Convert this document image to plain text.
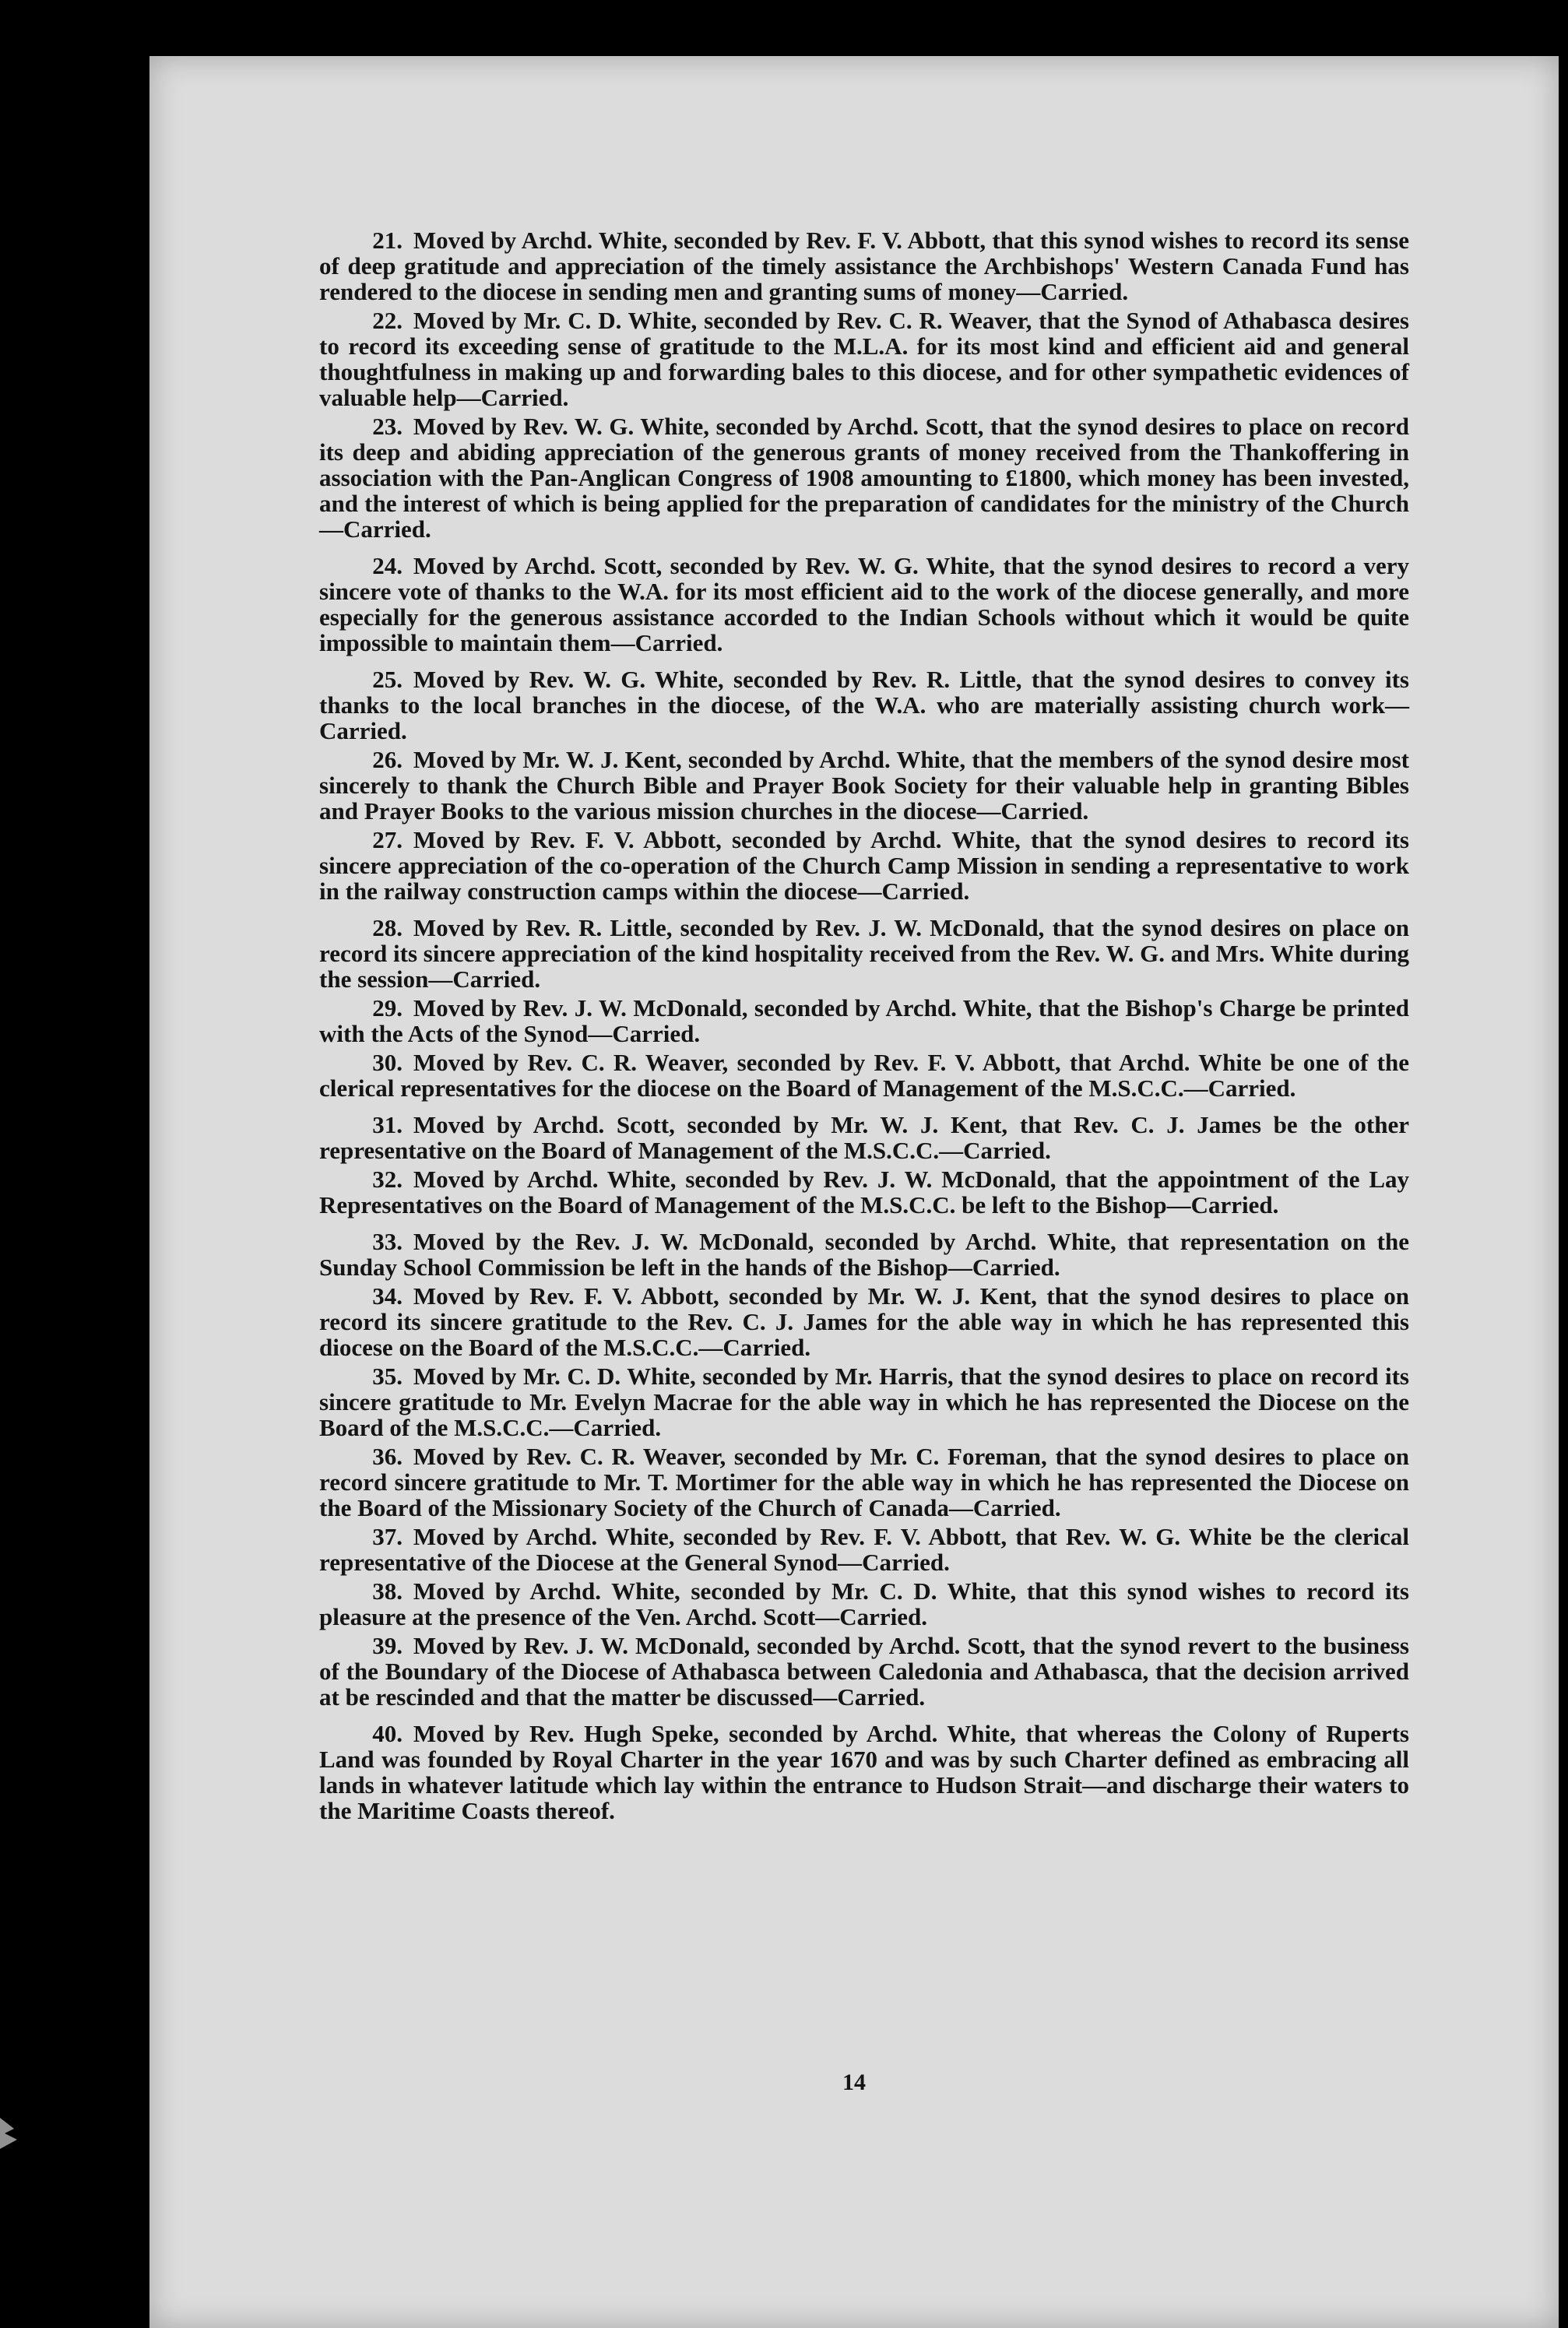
21. Moved by Archd. White, seconded by Rev. F. V. Abbott, that this synod wishes to record its sense of deep gratitude and appreciation of the timely assistance the Archbishops' Western Canada Fund has rendered to the diocese in sending men and granting sums of money—Carried.

22. Moved by Mr. C. D. White, seconded by Rev. C. R. Weaver, that the Synod of Athabasca desires to record its exceeding sense of gratitude to the M.L.A. for its most kind and efficient aid and general thoughtfulness in making up and forwarding bales to this diocese, and for other sympathetic evidences of valuable help—Carried.

23. Moved by Rev. W. G. White, seconded by Archd. Scott, that the synod desires to place on record its deep and abiding appreciation of the generous grants of money received from the Thankoffering in association with the Pan-Anglican Congress of 1908 amounting to £1800, which money has been invested, and the interest of which is being applied for the preparation of candidates for the ministry of the Church—Carried.

24. Moved by Archd. Scott, seconded by Rev. W. G. White, that the synod desires to record a very sincere vote of thanks to the W.A. for its most efficient aid to the work of the diocese generally, and more especially for the generous assistance accorded to the Indian Schools without which it would be quite impossible to maintain them—Carried.

25. Moved by Rev. W. G. White, seconded by Rev. R. Little, that the synod desires to convey its thanks to the local branches in the diocese, of the W.A. who are materially assisting church work—Carried.

26. Moved by Mr. W. J. Kent, seconded by Archd. White, that the members of the synod desire most sincerely to thank the Church Bible and Prayer Book Society for their valuable help in granting Bibles and Prayer Books to the various mission churches in the diocese—Carried.

27. Moved by Rev. F. V. Abbott, seconded by Archd. White, that the synod desires to record its sincere appreciation of the co-operation of the Church Camp Mission in sending a representative to work in the railway construction camps within the diocese—Carried.

28. Moved by Rev. R. Little, seconded by Rev. J. W. McDonald, that the synod desires on place on record its sincere appreciation of the kind hospitality received from the Rev. W. G. and Mrs. White during the session—Carried.

29. Moved by Rev. J. W. McDonald, seconded by Archd. White, that the Bishop's Charge be printed with the Acts of the Synod—Carried.

30. Moved by Rev. C. R. Weaver, seconded by Rev. F. V. Abbott, that Archd. White be one of the clerical representatives for the diocese on the Board of Management of the M.S.C.C.—Carried.

31. Moved by Archd. Scott, seconded by Mr. W. J. Kent, that Rev. C. J. James be the other representative on the Board of Management of the M.S.C.C.—Carried.

32. Moved by Archd. White, seconded by Rev. J. W. McDonald, that the appointment of the Lay Representatives on the Board of Management of the M.S.C.C. be left to the Bishop—Carried.

33. Moved by the Rev. J. W. McDonald, seconded by Archd. White, that representation on the Sunday School Commission be left in the hands of the Bishop—Carried.

34. Moved by Rev. F. V. Abbott, seconded by Mr. W. J. Kent, that the synod desires to place on record its sincere gratitude to the Rev. C. J. James for the able way in which he has represented this diocese on the Board of the M.S.C.C.—Carried.

35. Moved by Mr. C. D. White, seconded by Mr. Harris, that the synod desires to place on record its sincere gratitude to Mr. Evelyn Macrae for the able way in which he has represented the Diocese on the Board of the M.S.C.C.—Carried.

36. Moved by Rev. C. R. Weaver, seconded by Mr. C. Foreman, that the synod desires to place on record sincere gratitude to Mr. T. Mortimer for the able way in which he has represented the Diocese on the Board of the Missionary Society of the Church of Canada—Carried.

37. Moved by Archd. White, seconded by Rev. F. V. Abbott, that Rev. W. G. White be the clerical representative of the Diocese at the General Synod—Carried.

38. Moved by Archd. White, seconded by Mr. C. D. White, that this synod wishes to record its pleasure at the presence of the Ven. Archd. Scott—Carried.

39. Moved by Rev. J. W. McDonald, seconded by Archd. Scott, that the synod revert to the business of the Boundary of the Diocese of Athabasca between Caledonia and Athabasca, that the decision arrived at be rescinded and that the matter be discussed—Carried.

40. Moved by Rev. Hugh Speke, seconded by Archd. White, that whereas the Colony of Ruperts Land was founded by Royal Charter in the year 1670 and was by such Charter defined as embracing all lands in whatever latitude which lay within the entrance to Hudson Strait—and discharge their waters to the Maritime Coasts thereof.

14
